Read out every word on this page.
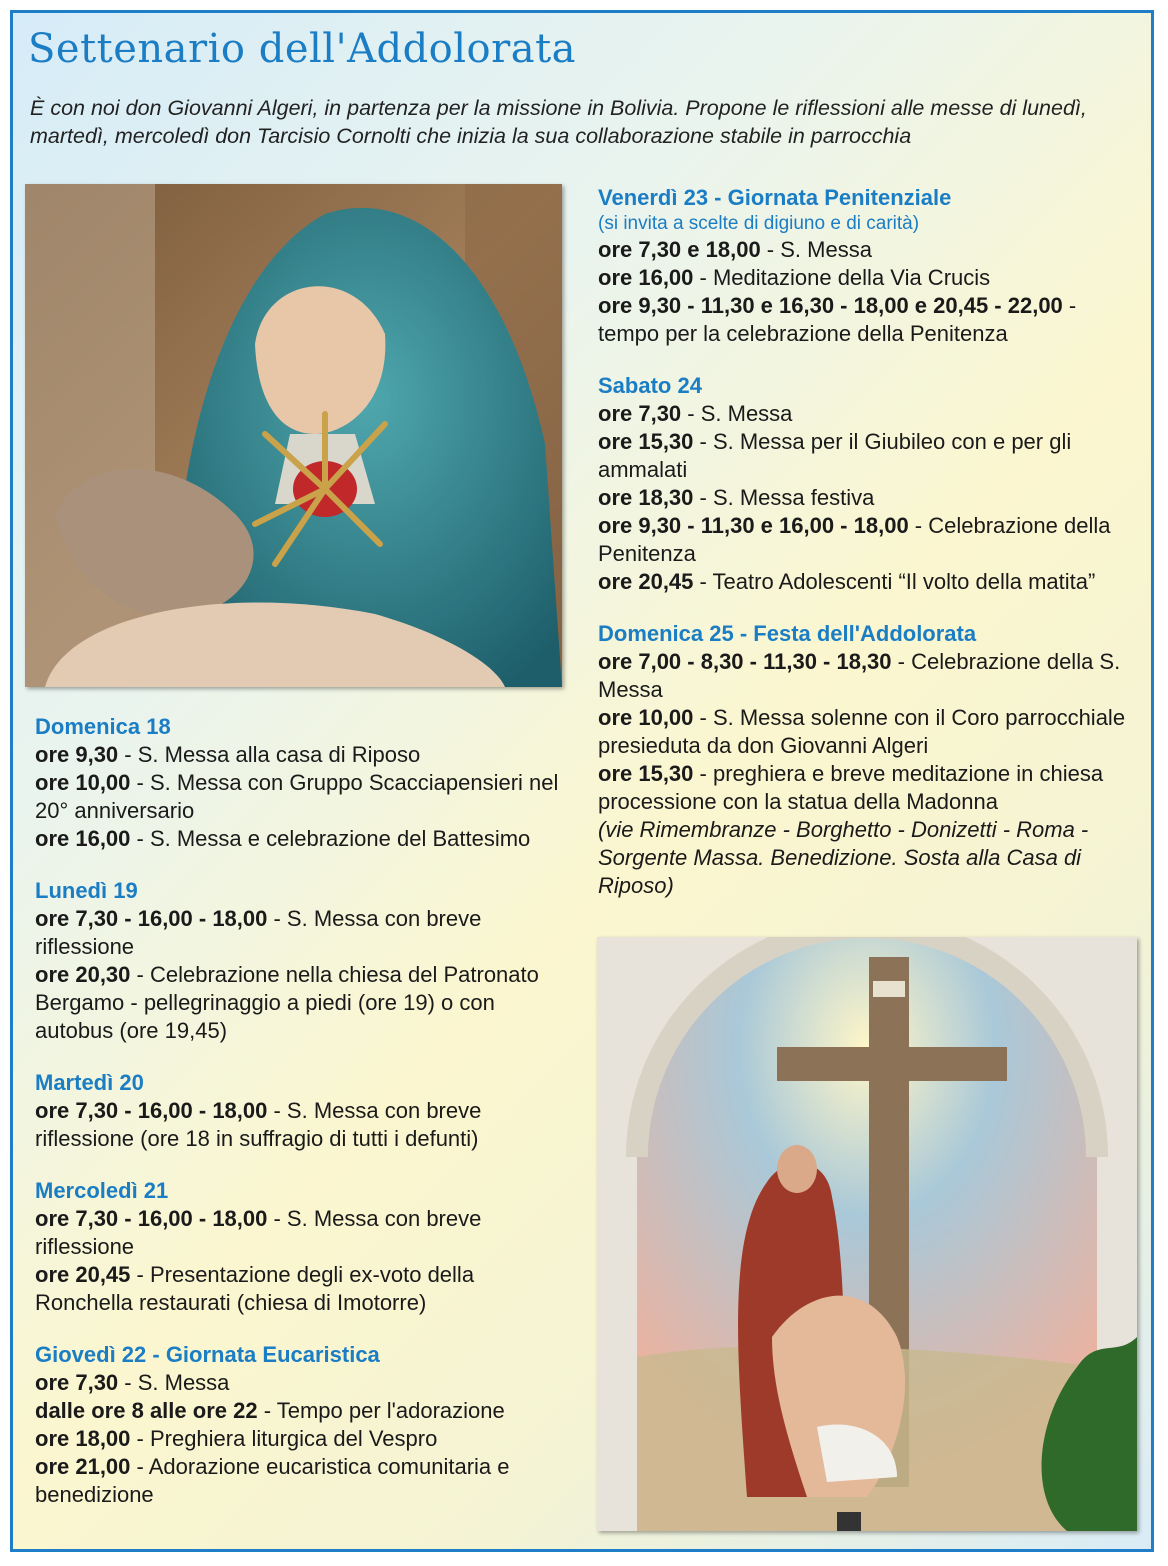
Settenario dell'Addolorata
È con noi don Giovanni Algeri, in partenza per la missione in Bolivia. Propone le riflessioni alle messe di lunedì, martedì, mercoledì don Tarcisio Cornolti che inizia la sua collaborazione stabile in parrocchia
Domenica 18
ore 9,30 - S. Messa alla casa di Riposo
ore 10,00 - S. Messa con Gruppo Scacciapensieri nel 20° anniversario
ore 16,00 - S. Messa e celebrazione del Battesimo
Lunedì 19
ore 7,30 - 16,00 - 18,00 - S. Messa con breve riflessione
ore 20,30 - Celebrazione nella chiesa del Patronato Bergamo - pellegrinaggio a piedi (ore 19) o con autobus (ore 19,45)
Martedì 20
ore 7,30 - 16,00 - 18,00 - S. Messa con breve riflessione (ore 18 in suffragio di tutti i defunti)
Mercoledì 21
ore 7,30 - 16,00 - 18,00 - S. Messa con breve riflessione
ore 20,45 - Presentazione degli ex-voto della Ronchella restaurati (chiesa di Imotorre)
Giovedì 22 - Giornata Eucaristica
ore 7,30 - S. Messa
dalle ore 8 alle ore 22 - Tempo per l'adorazione
ore 18,00 - Preghiera liturgica del Vespro
ore 21,00 - Adorazione eucaristica comunitaria e benedizione
Venerdì 23 - Giornata Penitenziale
(si invita a scelte di digiuno e di carità)
ore 7,30 e 18,00 - S. Messa
ore 16,00 - Meditazione della Via Crucis
ore 9,30 - 11,30 e 16,30 - 18,00 e 20,45 - 22,00 - tempo per la celebrazione della Penitenza
Sabato 24
ore 7,30 - S. Messa
ore 15,30 - S. Messa per il Giubileo con e per gli ammalati
ore 18,30 - S. Messa festiva
ore 9,30 - 11,30 e 16,00 - 18,00 - Celebrazione della Penitenza
ore 20,45 - Teatro Adolescenti “Il volto della matita”
Domenica 25 - Festa dell'Addolorata
ore 7,00 - 8,30 - 11,30 - 18,30 - Celebrazione della S. Messa
ore 10,00 - S. Messa solenne con il Coro parrocchiale presieduta da don Giovanni Algeri
ore 15,30 - preghiera e breve meditazione in chiesa processione con la statua della Madonna
(vie Rimembranze - Borghetto - Donizetti - Roma - Sorgente Massa. Benedizione. Sosta alla Casa di Riposo)
